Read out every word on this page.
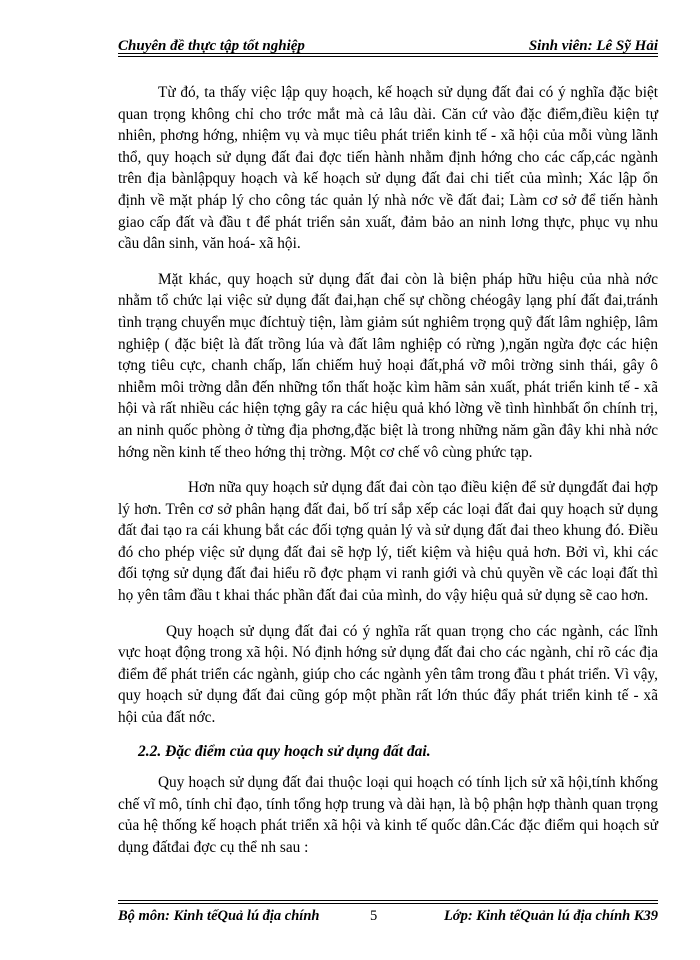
Chuyên đề thực tập tốt nghiệp	Sinh viên: Lê Sỹ Hải

Từ đó, ta thấy việc lập quy hoạch, kế hoạch sử dụng đất đai có ý nghĩa đặc biệt quan trọng không chỉ cho trớc mắt mà cả lâu dài. Căn cứ vào đặc điểm,điều kiện tự nhiên, phơng hớng, nhiệm vụ và mục tiêu phát triển kinh tế - xã hội của mỗi vùng lãnh thổ, quy hoạch sử dụng đất đai đợc tiến hành nhằm định hớng cho các cấp,các ngành trên địa bànlậpquy hoạch và kế hoạch sử dụng đất đai chi tiết của mình; Xác lập ổn định về mặt pháp lý cho công tác quản lý nhà nớc về đất đai; Làm cơ sở để tiến hành giao cấp đất và đầu t để phát triển sản xuất, đảm bảo an ninh lơng thực, phục vụ nhu cầu dân sinh, văn hoá- xã hội.

Mặt khác, quy hoạch sử dụng đất đai còn là biện pháp hữu hiệu của nhà nớc nhằm tổ chức lại việc sử dụng đất đai,hạn chế sự chồng chéogây lạng phí đất đai,tránh tình trạng chuyển mục đíchtuỳ tiện, làm giảm sút nghiêm trọng quỹ đất lâm nghiệp, lâm nghiệp ( đặc biệt là đất trồng lúa và đất lâm nghiệp có rừng ),ngăn ngừa đợc các hiện tợng tiêu cực, chanh chấp, lấn chiếm huỷ hoại đất,phá vỡ môi trờng sinh thái, gây ô nhiễm môi trờng dẫn đến những tổn thất hoặc kìm hãm sản xuất, phát triển kinh tế - xã hội và rất nhiều các hiện tợng gây ra các hiệu quả khó lờng về tình hìnhbất ổn chính trị, an ninh quốc phòng ở từng địa phơng,đặc biệt là trong những năm gần đây khi nhà nớc hớng nền kinh tế theo hớng thị trờng. Một cơ chế vô cùng phức tạp.

Hơn nữa quy hoạch sử dụng đất đai còn tạo điều kiện để sử dụngđất đai hợp lý hơn. Trên cơ sở phân hạng đất đai, bố trí sắp xếp các loại đất đai quy hoạch sử dụng đất đai tạo ra cái khung bắt các đối tợng quản lý và sử dụng đất đai theo khung đó. Điều đó cho phép việc sử dụng đất đai sẽ hợp lý, tiết kiệm và hiệu quả hơn. Bởi vì, khi các đối tợng sử dụng đất đai hiểu rõ đợc phạm vi ranh giới và chủ quyền về các loại đất thì họ yên tâm đầu t khai thác phần đất đai của mình, do vậy hiệu quả sử dụng sẽ cao hơn.

Quy hoạch sử dụng đất đai có ý nghĩa rất quan trọng cho các ngành, các lĩnh vực hoạt động trong xã hội. Nó định hớng sử dụng đất đai cho các ngành, chỉ rõ các địa điểm để phát triển các ngành, giúp cho các ngành yên tâm trong đầu t phát triển. Vì vậy, quy hoạch sử dụng đất đai cũng góp một phần rất lớn thúc đẩy phát triển kinh tế - xã hội của đất nớc.

2.2. Đặc điểm của quy hoạch sử dụng đất đai.

Quy hoạch sử dụng đất đai thuộc loại qui hoạch có tính lịch sử xã hội,tính khống chế vĩ mô, tính chỉ đạo, tính tổng hợp trung và dài hạn, là bộ phận hợp thành quan trọng của hệ thống kế hoạch phát triển xã hội và kinh tế quốc dân.Các đặc điểm qui hoạch sử dụng đấtđai đợc cụ thể nh sau :

Bộ môn: Kinh tếQuả lú địa chính	5	Lớp: Kinh tếQuản lú địa chính K39
